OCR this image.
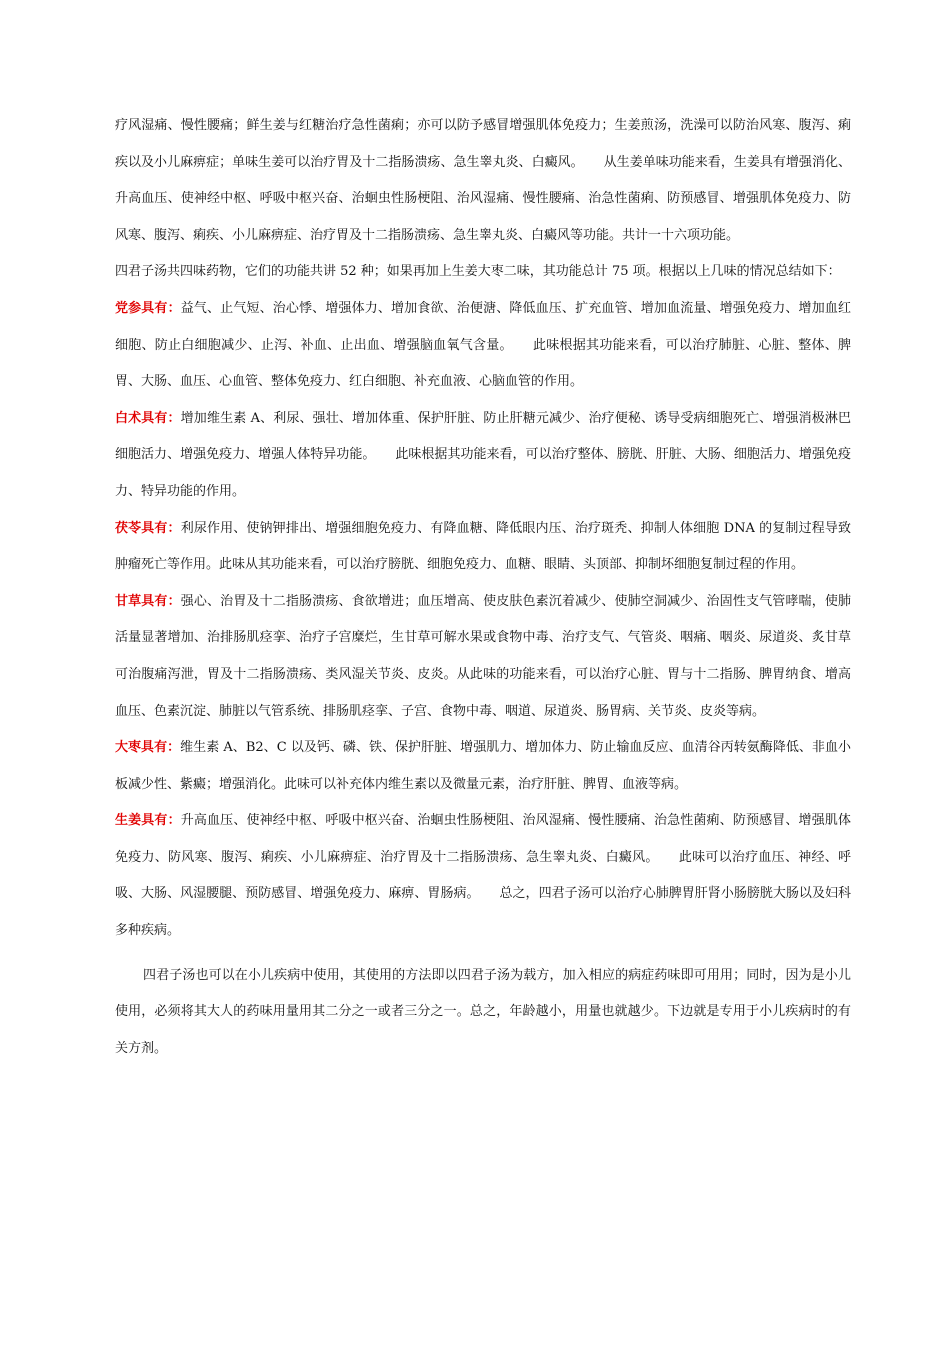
疗风湿痛、慢性腰痛；鲜生姜与红糖治疗急性菌痢；亦可以防予感冒增强肌体免疫力；生姜煎汤，洗澡可以防治风寒、腹泻、痢疾以及小儿麻痹症；单味生姜可以治疗胃及十二指肠溃疡、急生睾丸炎、白癜风。 从生姜单味功能来看，生姜具有增强消化、升高血压、使神经中枢、呼吸中枢兴奋、治蛔虫性肠梗阻、治风湿痛、慢性腰痛、治急性菌痢、防预感冒、增强肌体免疫力、防风寒、腹泻、痢疾、小儿麻痹症、治疗胃及十二指肠溃疡、急生睾丸炎、白癜风等功能。共计一十六项功能。

四君子汤共四味药物，它们的功能共讲 52 种；如果再加上生姜大枣二味，其功能总计 75 项。根据以上几味的情况总结如下：

党参具有：益气、止气短、治心悸、增强体力、增加食欲、治便溏、降低血压、扩充血管、增加血流量、增强免疫力、增加血红细胞、防止白细胞减少、止泻、补血、止出血、增强脑血氧气含量。 此味根据其功能来看，可以治疗肺脏、心脏、整体、脾胃、大肠、血压、心血管、整体免疫力、红白细胞、补充血液、心脑血管的作用。

白术具有：增加维生素 A、利尿、强壮、增加体重、保护肝脏、防止肝糖元减少、治疗便秘、诱导受病细胞死亡、增强消极淋巴细胞活力、增强免疫力、增强人体特异功能。 此味根据其功能来看，可以治疗整体、膀胱、肝脏、大肠、细胞活力、增强免疫力、特异功能的作用。

茯苓具有：利尿作用、使钠钾排出、增强细胞免疫力、有降血糖、降低眼内压、治疗斑秃、抑制人体细胞 DNA 的复制过程导致肿瘤死亡等作用。此味从其功能来看，可以治疗膀胱、细胞免疫力、血糖、眼睛、头顶部、抑制坏细胞复制过程的作用。

甘草具有：强心、治胃及十二指肠溃疡、食欲增进；血压增高、使皮肤色素沉着减少、使肺空洞减少、治固性支气管哮喘，使肺活量显著增加、治排肠肌痉挛、治疗子宫糜烂，生甘草可解水果或食物中毒、治疗支气、气管炎、咽痛、咽炎、尿道炎、炙甘草可治腹痛泻泄，胃及十二指肠溃疡、类风湿关节炎、皮炎。从此味的功能来看，可以治疗心脏、胃与十二指肠、脾胃纳食、增高血压、色素沉淀、肺脏以气管系统、排肠肌痉挛、子宫、食物中毒、咽道、尿道炎、肠胃病、关节炎、皮炎等病。

大枣具有：维生素 A、B2、C 以及钙、磷、铁、保护肝脏、增强肌力、增加体力、防止输血反应、血清谷丙转氨酶降低、非血小板减少性、紫癜；增强消化。此味可以补充体内维生素以及微量元素，治疗肝脏、脾胃、血液等病。

生姜具有：升高血压、使神经中枢、呼吸中枢兴奋、治蛔虫性肠梗阻、治风湿痛、慢性腰痛、治急性菌痢、防预感冒、增强肌体免疫力、防风寒、腹泻、痢疾、小儿麻痹症、治疗胃及十二指肠溃疡、急生睾丸炎、白癜风。 此味可以治疗血压、神经、呼吸、大肠、风湿腰腿、预防感冒、增强免疫力、麻痹、胃肠病。 总之，四君子汤可以治疗心肺脾胃肝肾小肠膀胱大肠以及妇科多种疾病。

四君子汤也可以在小儿疾病中使用，其使用的方法即以四君子汤为载方，加入相应的病症药味即可用用；同时，因为是小儿使用，必须将其大人的药味用量用其二分之一或者三分之一。总之，年龄越小，用量也就越少。下边就是专用于小儿疾病时的有关方剂。
